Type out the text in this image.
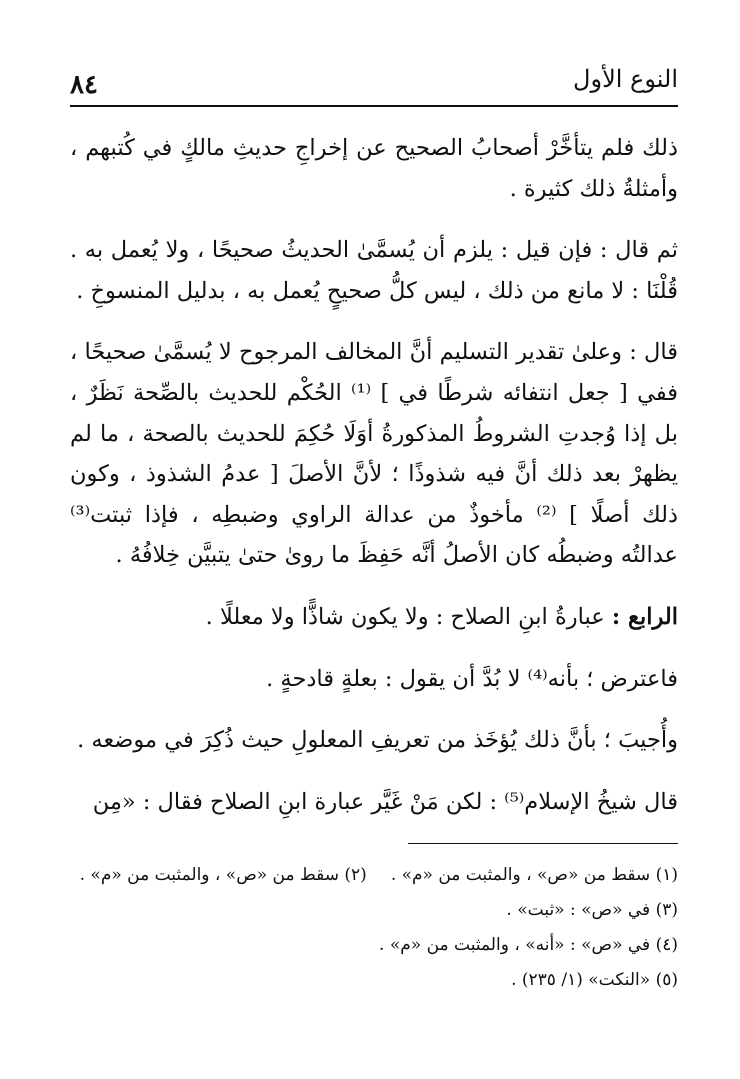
٨٤	النوع الأول

ذلك فلم يتأخَّرْ أصحابُ الصحيح عن إخراجِ حديثِ مالكٍ في كُتبهم ، وأمثلةُ ذلك كثيرة .

ثم قال : فإن قيل : يلزم أن يُسمَّىٰ الحديثُ صحيحًا ، ولا يُعمل به . قُلْنَا : لا مانع من ذلك ، ليس كلُّ صحيحٍ يُعمل به ، بدليل المنسوخِ .

قال : وعلىٰ تقدير التسليم أنَّ المخالف المرجوح لا يُسمَّىٰ صحيحًا ، ففي [ جعل انتفائه شرطًا في ] ⁽¹⁾ الحُكْم للحديث بالصِّحة نَظَرٌ ، بل إذا وُجدتِ الشروطُ المذكورةُ أوَلَا حُكِمَ للحديث بالصحة ، ما لم يظهرْ بعد ذلك أنَّ فيه شذوذًا ؛ لأنَّ الأصلَ [ عدمُ الشذوذ ، وكون ذلك أصلًا ] ⁽²⁾ مأخوذٌ من عدالة الراوي وضبطِه ، فإذا ثبتت⁽³⁾ عدالتُه وضبطُه كان الأصلُ أنَّه حَفِظَ ما روىٰ حتىٰ يتبيَّن خِلافُهُ .

الرابع : عبارةُ ابنِ الصلاح : ولا يكون شاذًّا ولا معللًا .

فاعترض ؛ بأنه⁽⁴⁾ لا بُدَّ أن يقول : بعلةٍ قادحةٍ .

وأُجيبَ ؛ بأنَّ ذلك يُؤخَذ من تعريفِ المعلولِ حيث ذُكِرَ في موضعه .

قال شيخُ الإسلام⁽⁵⁾ : لكن مَنْ غَيَّر عبارة ابنِ الصلاح فقال : «مِن

(١) سقط من «ص» ، والمثبت من «م» .(٢) سقط من «ص» ، والمثبت من «م» .

(٣) في «ص» : «ثبت» .

(٤) في «ص» : «أنه» ، والمثبت من «م» .

(٥) «النكت» (١/ ٢٣٥) .
